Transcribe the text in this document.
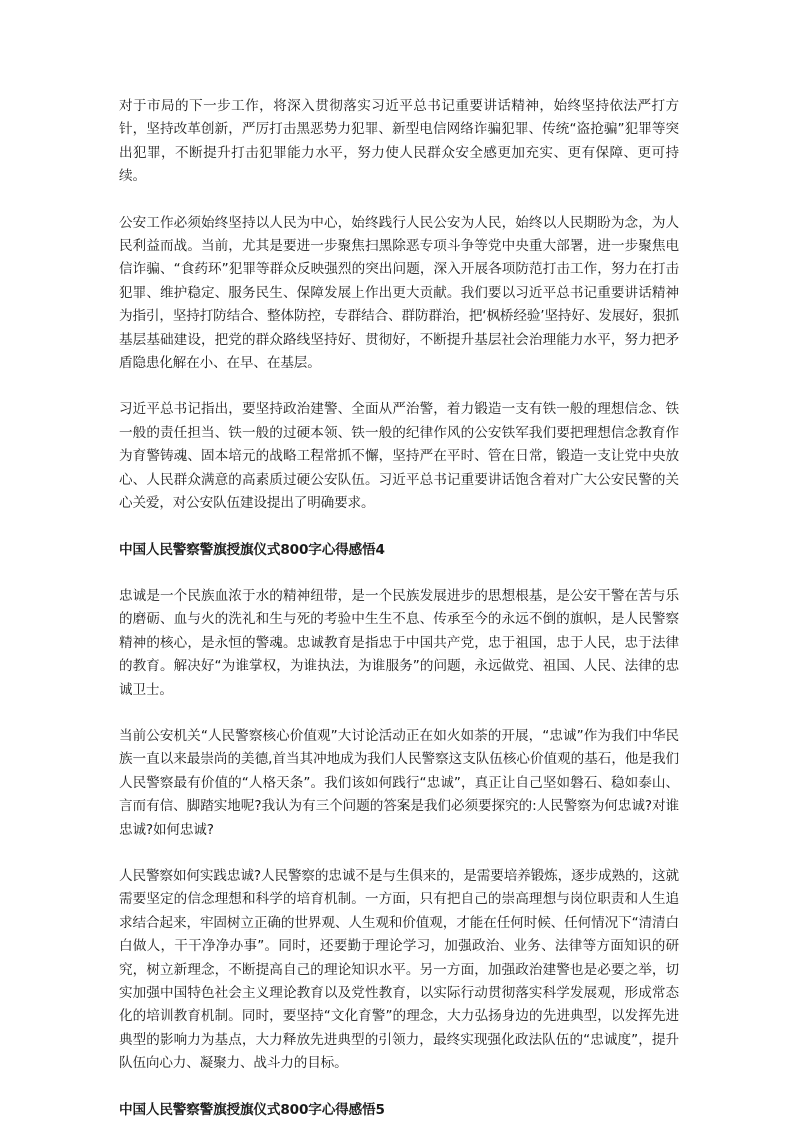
对于市局的下一步工作，将深入贯彻落实习近平总书记重要讲话精神，始终坚持依法严打方针，坚持改革创新，严厉打击黑恶势力犯罪、新型电信网络诈骗犯罪、传统“盗抢骗”犯罪等突出犯罪，不断提升打击犯罪能力水平，努力使人民群众安全感更加充实、更有保障、更可持续。

公安工作必须始终坚持以人民为中心，始终践行人民公安为人民，始终以人民期盼为念，为人民利益而战。当前，尤其是要进一步聚焦扫黑除恶专项斗争等党中央重大部署，进一步聚焦电信诈骗、“食药环”犯罪等群众反映强烈的突出问题，深入开展各项防范打击工作，努力在打击犯罪、维护稳定、服务民生、保障发展上作出更大贡献。我们要以习近平总书记重要讲话精神为指引，坚持打防结合、整体防控，专群结合、群防群治，把‘枫桥经验’坚持好、发展好，狠抓基层基础建设，把党的群众路线坚持好、贯彻好，不断提升基层社会治理能力水平，努力把矛盾隐患化解在小、在早、在基层。

习近平总书记指出，要坚持政治建警、全面从严治警，着力锻造一支有铁一般的理想信念、铁一般的责任担当、铁一般的过硬本领、铁一般的纪律作风的公安铁军我们要把理想信念教育作为育警铸魂、固本培元的战略工程常抓不懈，坚持严在平时、管在日常，锻造一支让党中央放心、人民群众满意的高素质过硬公安队伍。习近平总书记重要讲话饱含着对广大公安民警的关心关爱，对公安队伍建设提出了明确要求。

中国人民警察警旗授旗仪式800字心得感悟4

忠诚是一个民族血浓于水的精神纽带，是一个民族发展进步的思想根基，是公安干警在苦与乐的磨砺、血与火的洗礼和生与死的考验中生生不息、传承至今的永远不倒的旗帜，是人民警察精神的核心，是永恒的警魂。忠诚教育是指忠于中国共产党，忠于祖国，忠于人民，忠于法律的教育。解决好“为谁掌权，为谁执法，为谁服务”的问题，永远做党、祖国、人民、法律的忠诚卫士。

当前公安机关“人民警察核心价值观”大讨论活动正在如火如荼的开展，“忠诚”作为我们中华民族一直以来最崇尚的美德,首当其冲地成为我们人民警察这支队伍核心价值观的基石，他是我们人民警察最有价值的“人格天条”。我们该如何践行“忠诚”，真正让自己坚如磐石、稳如泰山、言而有信、脚踏实地呢?我认为有三个问题的答案是我们必须要探究的:人民警察为何忠诚?对谁忠诚?如何忠诚?

人民警察如何实践忠诚?人民警察的忠诚不是与生俱来的，是需要培养锻炼，逐步成熟的，这就需要坚定的信念理想和科学的培育机制。一方面，只有把自己的崇高理想与岗位职责和人生追求结合起来，牢固树立正确的世界观、人生观和价值观，才能在任何时候、任何情况下“清清白白做人，干干净净办事”。同时，还要勤于理论学习，加强政治、业务、法律等方面知识的研究，树立新理念，不断提高自己的理论知识水平。另一方面，加强政治建警也是必要之举，切实加强中国特色社会主义理论教育以及党性教育，以实际行动贯彻落实科学发展观，形成常态化的培训教育机制。同时，要坚持“文化育警”的理念，大力弘扬身边的先进典型，以发挥先进典型的影响力为基点，大力释放先进典型的引领力，最终实现强化政法队伍的“忠诚度”，提升队伍向心力、凝聚力、战斗力的目标。

中国人民警察警旗授旗仪式800字心得感悟5
